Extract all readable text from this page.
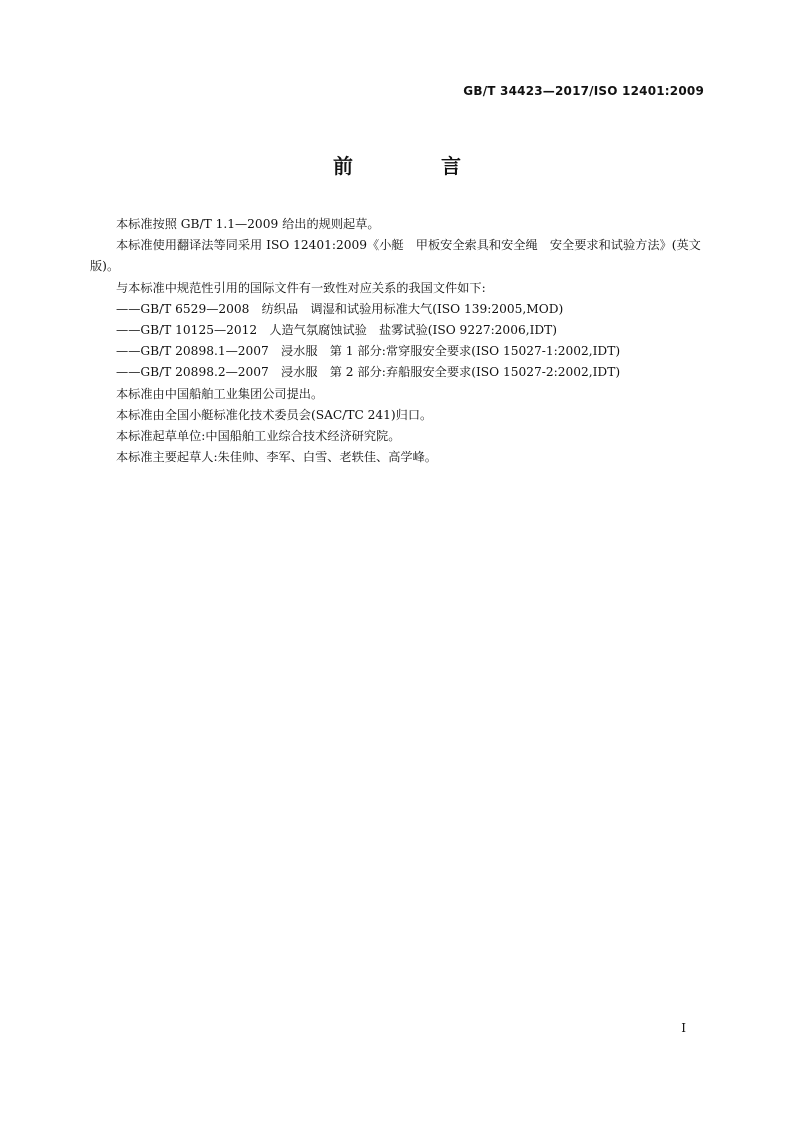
GB/T 34423—2017/ISO 12401:2009
前　言

本标准按照 GB/T 1.1—2009 给出的规则起草。

本标准使用翻译法等同采用 ISO 12401:2009《小艇　甲板安全索具和安全绳　安全要求和试验方法》(英文版)。

与本标准中规范性引用的国际文件有一致性对应关系的我国文件如下:

——GB/T 6529—2008　纺织品　调湿和试验用标准大气(ISO 139:2005,MOD)

——GB/T 10125—2012　人造气氛腐蚀试验　盐雾试验(ISO 9227:2006,IDT)

——GB/T 20898.1—2007　浸水服　第 1 部分:常穿服安全要求(ISO 15027-1:2002,IDT)

——GB/T 20898.2—2007　浸水服　第 2 部分:弃船服安全要求(ISO 15027-2:2002,IDT)

本标准由中国船舶工业集团公司提出。

本标准由全国小艇标准化技术委员会(SAC/TC 241)归口。

本标准起草单位:中国船舶工业综合技术经济研究院。

本标准主要起草人:朱佳帅、李军、白雪、老轶佳、高学峰。

I
